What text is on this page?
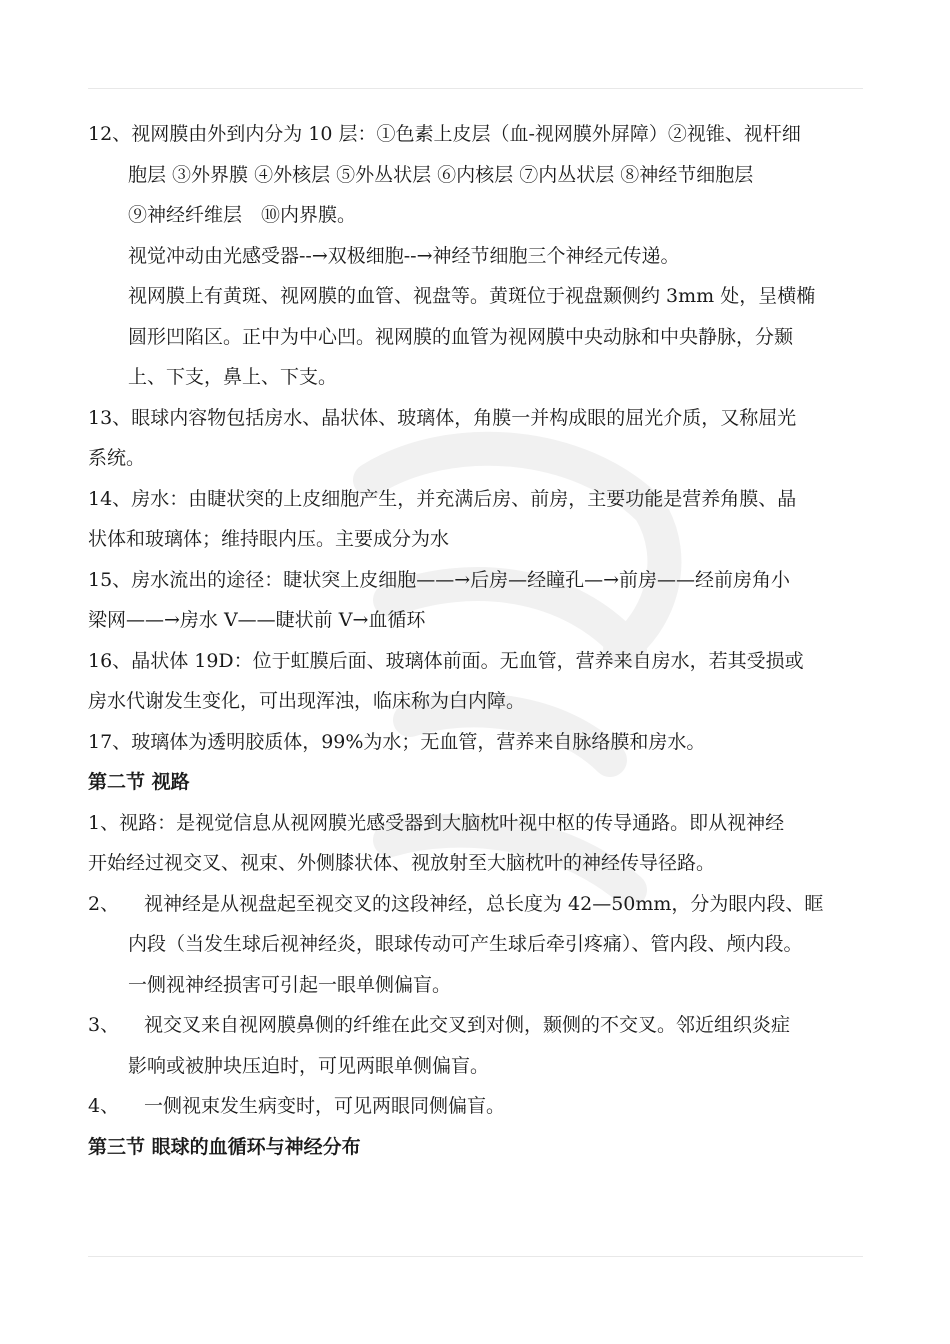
12、视网膜由外到内分为 10 层：①色素上皮层（血-视网膜外屏障）②视锥、视杆细
胞层 ③外界膜 ④外核层 ⑤外丛状层 ⑥内核层 ⑦内丛状层 ⑧神经节细胞层
⑨神经纤维层　⑩内界膜。
视觉冲动由光感受器--→双极细胞--→神经节细胞三个神经元传递。
视网膜上有黄斑、视网膜的血管、视盘等。黄斑位于视盘颞侧约 3mm 处，呈横椭
圆形凹陷区。正中为中心凹。视网膜的血管为视网膜中央动脉和中央静脉，分颞
上、下支，鼻上、下支。
13、眼球内容物包括房水、晶状体、玻璃体，角膜一并构成眼的屈光介质，又称屈光
系统。
14、房水：由睫状突的上皮细胞产生，并充满后房、前房，主要功能是营养角膜、晶
状体和玻璃体；维持眼内压。主要成分为水
15、房水流出的途径：睫状突上皮细胞——→后房—经瞳孔—→前房——经前房角小
梁网——→房水 V——睫状前 V→血循环
16、晶状体 19D：位于虹膜后面、玻璃体前面。无血管，营养来自房水，若其受损或
房水代谢发生变化，可出现浑浊，临床称为白内障。
17、玻璃体为透明胶质体，99%为水；无血管，营养来自脉络膜和房水。
第二节 视路
1、视路：是视觉信息从视网膜光感受器到大脑枕叶视中枢的传导通路。即从视神经
开始经过视交叉、视束、外侧膝状体、视放射至大脑枕叶的神经传导径路。
2、 视神经是从视盘起至视交叉的这段神经，总长度为 42—50mm，分为眼内段、眶
内段（当发生球后视神经炎，眼球传动可产生球后牵引疼痛）、管内段、颅内段。
一侧视神经损害可引起一眼单侧偏盲。
3、 视交叉来自视网膜鼻侧的纤维在此交叉到对侧，颞侧的不交叉。邻近组织炎症
影响或被肿块压迫时，可见两眼单侧偏盲。
4、 一侧视束发生病变时，可见两眼同侧偏盲。
第三节 眼球的血循环与神经分布
